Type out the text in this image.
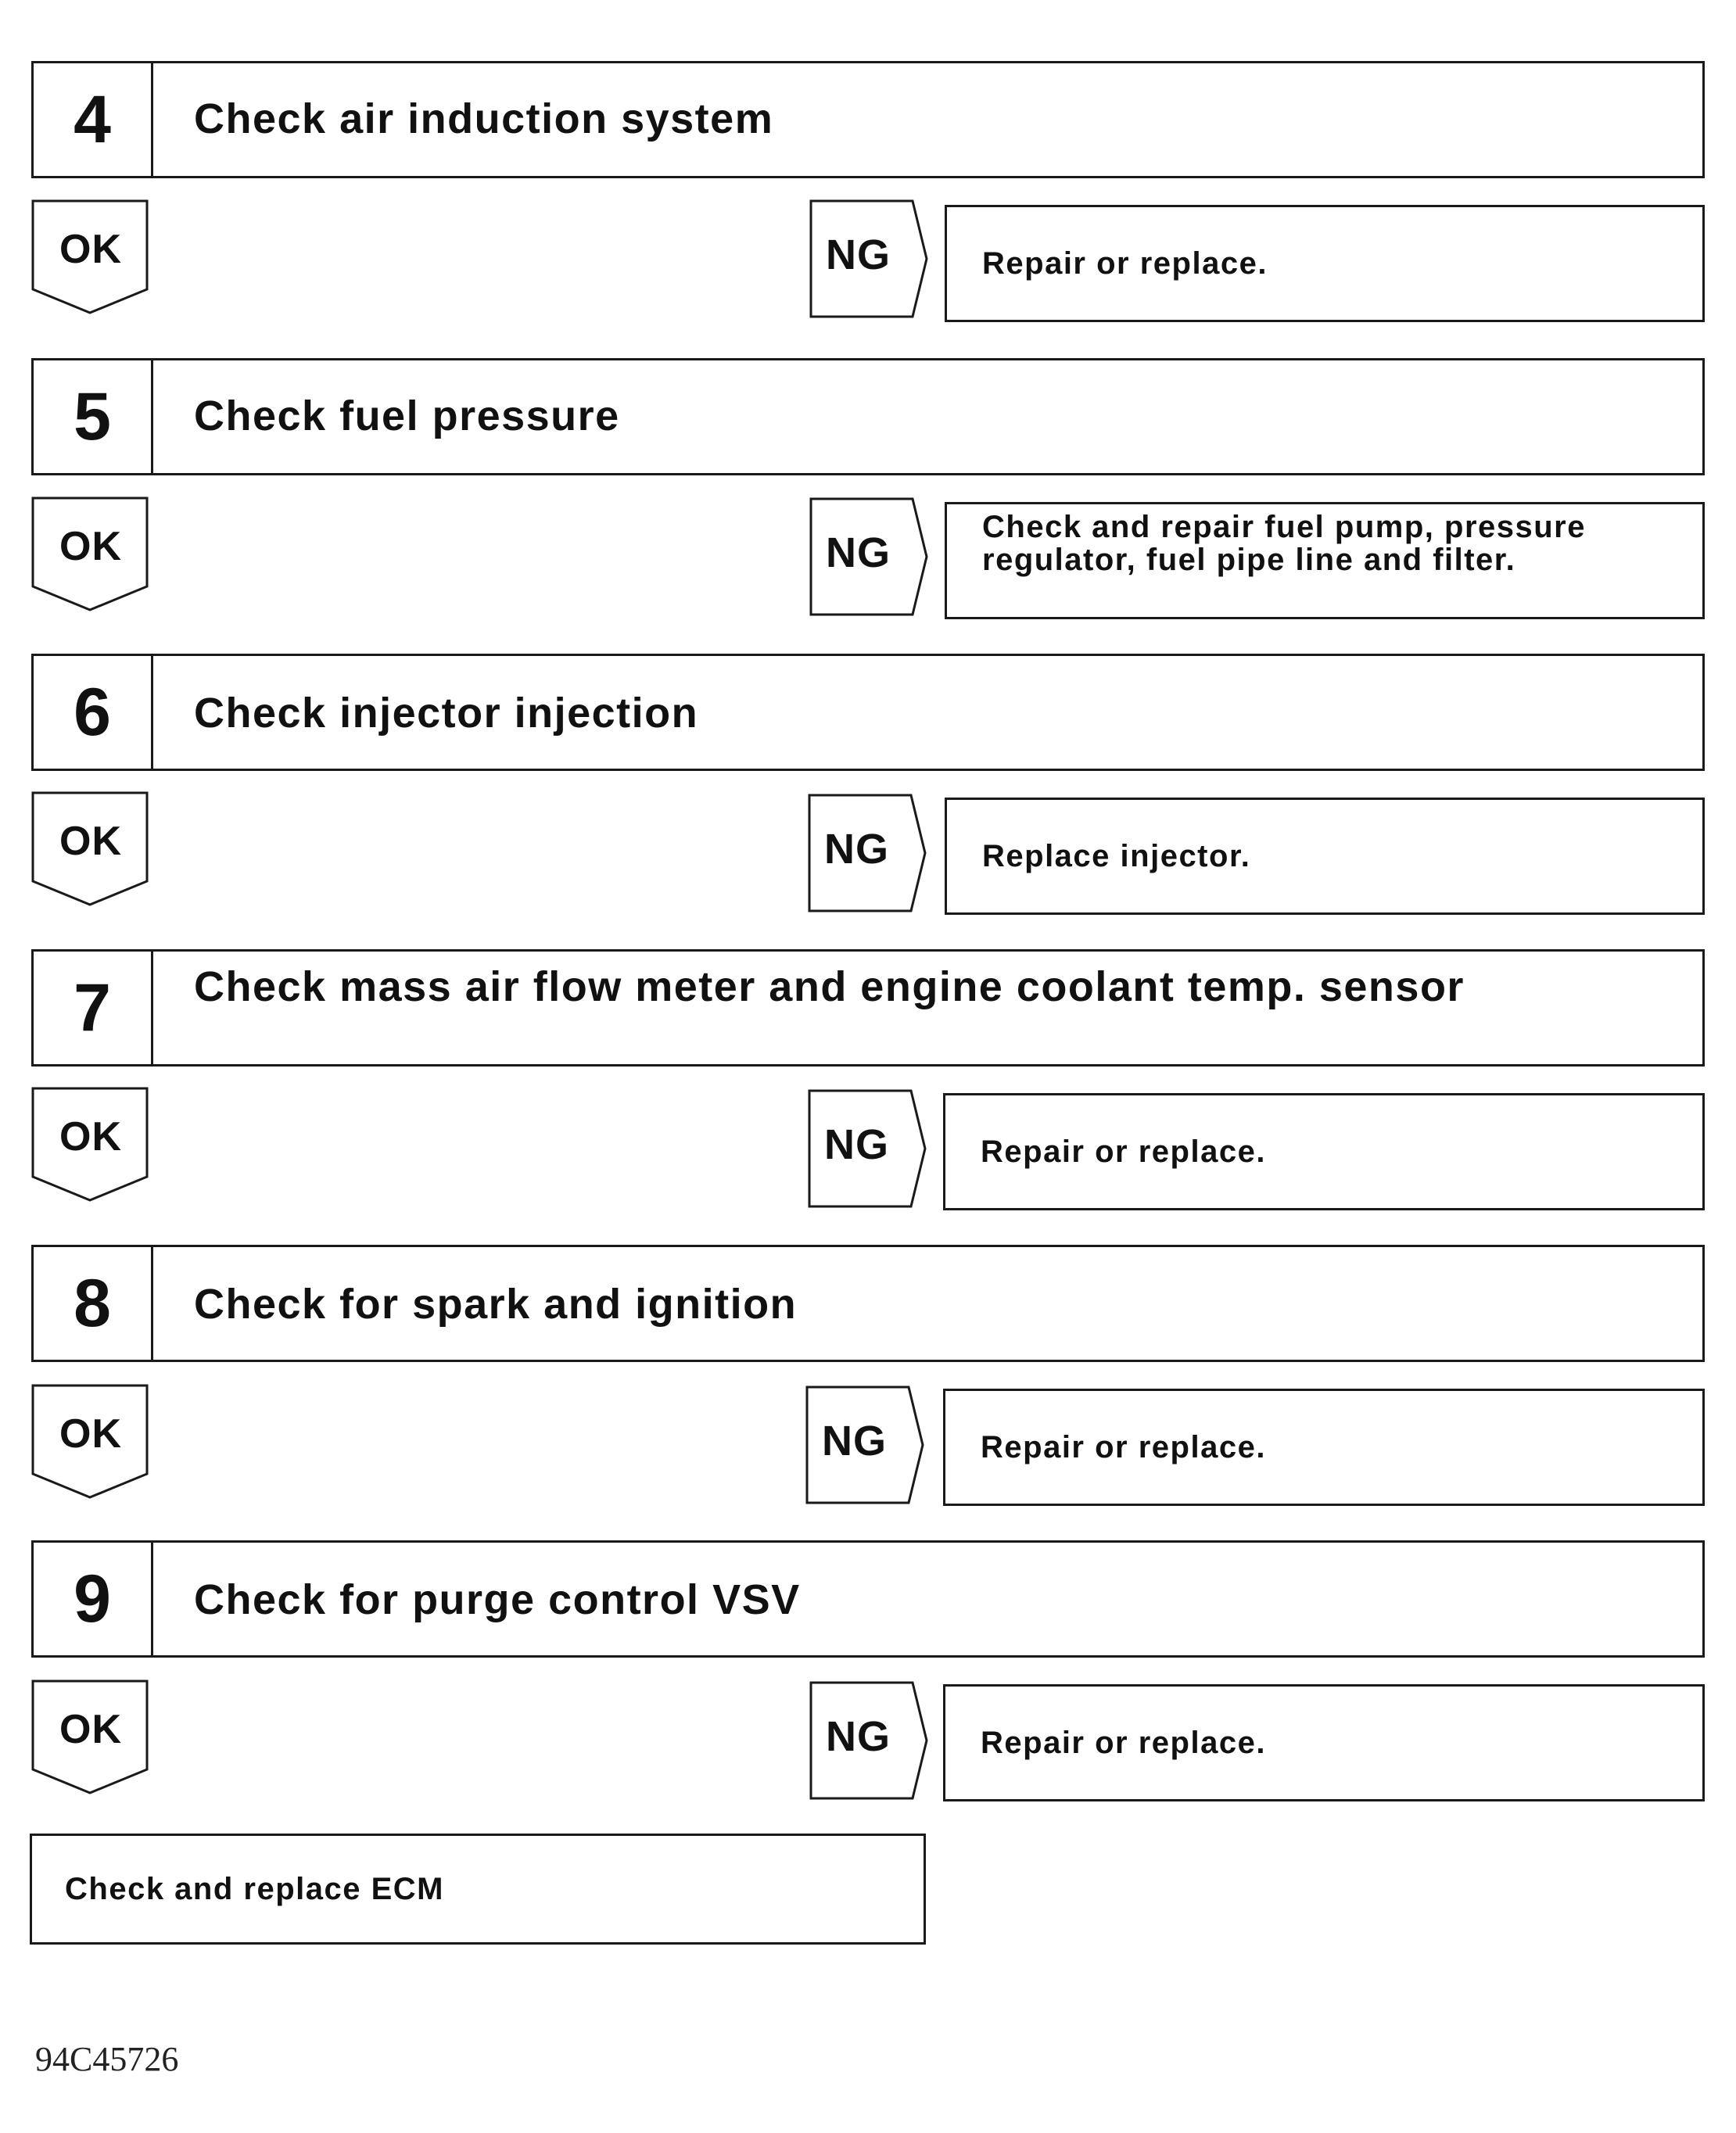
4	Check air induction system
OK	NG	Repair or replace.
5	Check fuel pressure
OK	NG
Check and repair fuel pump, pressure
regulator, fuel pipe line and filter.
6	Check injector injection
OK	NG	Replace injector.
7	Check mass air flow meter and engine coolant temp. sensor
OK	NG	Repair or replace.
8	Check for spark and ignition
OK	NG	Repair or replace.
9	Check for purge control VSV
OK	NG	Repair or replace.
Check and replace ECM
94C45726
